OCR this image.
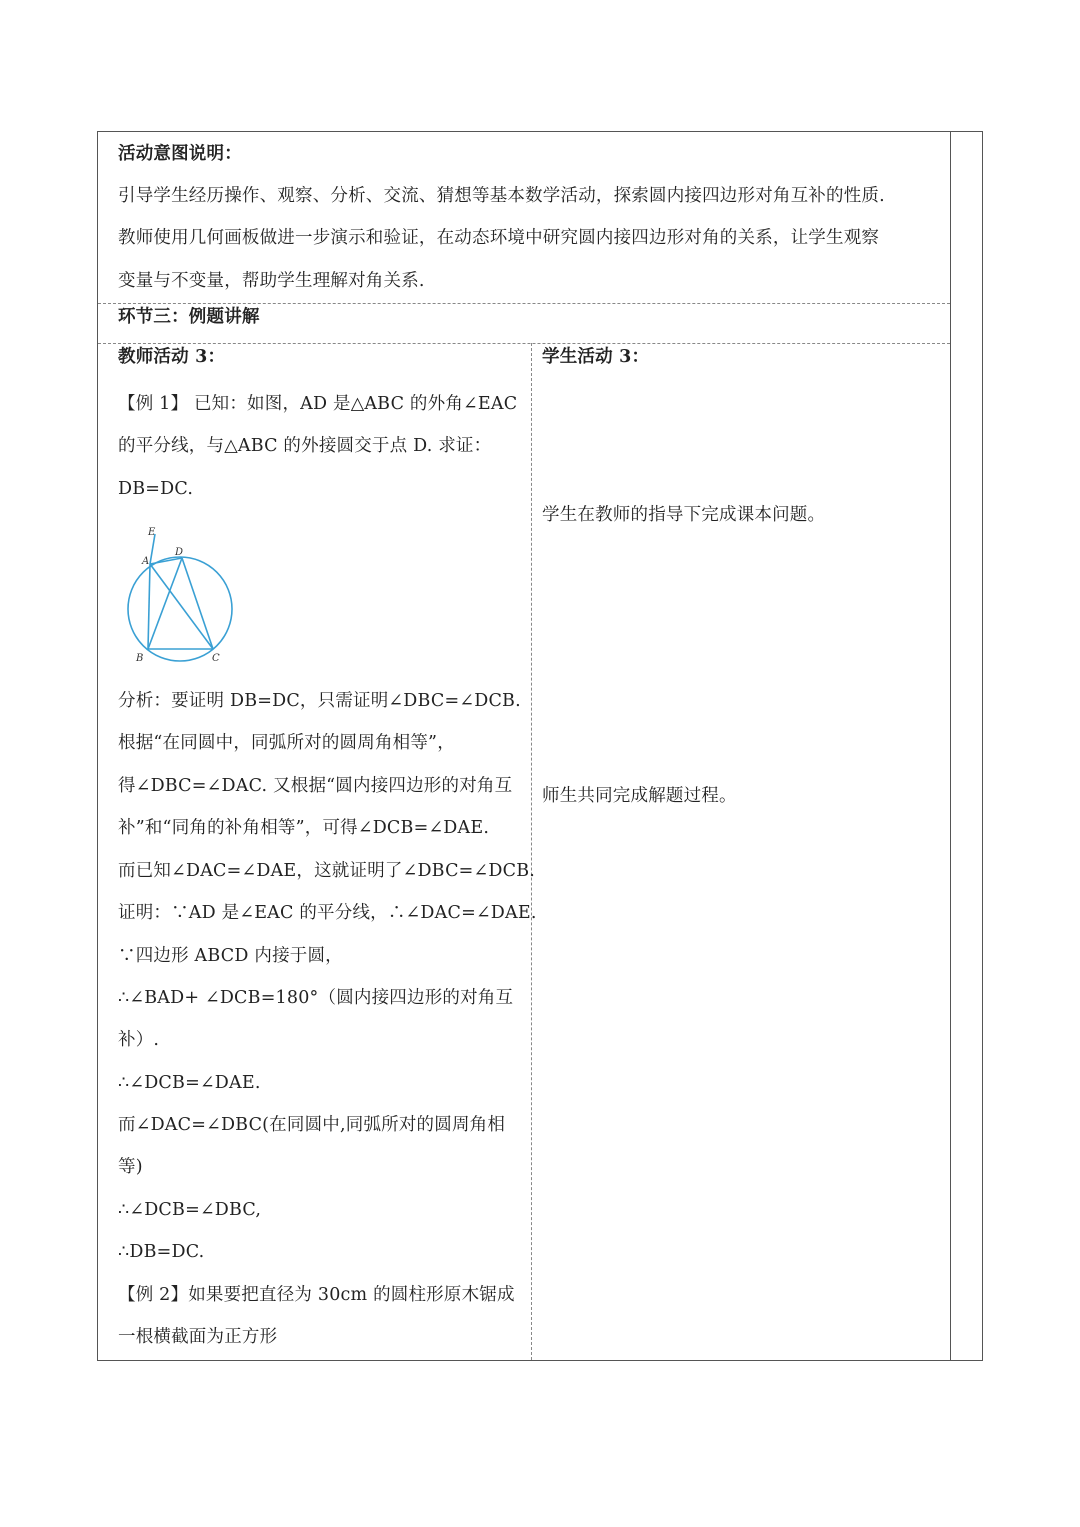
活动意图说明：
引导学生经历操作、观察、分析、交流、猜想等基本数学活动，探索圆内接四边形对角互补的性质.
教师使用几何画板做进一步演示和验证，在动态环境中研究圆内接四边形对角的关系，让学生观察
变量与不变量，帮助学生理解对角关系.
环节三：例题讲解
教师活动 3：
【例 1】 已知：如图，AD 是△ABC 的外角∠EAC
的平分线，与△ABC 的外接圆交于点 D. 求证：
DB=DC.
E
A
D
B	C
分析：要证明 DB=DC，只需证明∠DBC=∠DCB.
根据“在同圆中，同弧所对的圆周角相等”，
得∠DBC=∠DAC. 又根据“圆内接四边形的对角互
补”和“同角的补角相等”，可得∠DCB=∠DAE.
而已知∠DAC=∠DAE，这就证明了∠DBC=∠DCB.
证明：∵AD 是∠EAC 的平分线，∴∠DAC=∠DAE.
∵四边形 ABCD 内接于圆，
∴∠BAD+ ∠DCB=180°（圆内接四边形的对角互
补）.
∴∠DCB=∠DAE.
而∠DAC=∠DBC(在同圆中,同弧所对的圆周角相
等)
∴∠DCB=∠DBC,
∴DB=DC.
【例 2】如果要把直径为 30cm 的圆柱形原木锯成
一根横截面为正方形
学生活动 3：
学生在教师的指导下完成课本问题。
师生共同完成解题过程。
